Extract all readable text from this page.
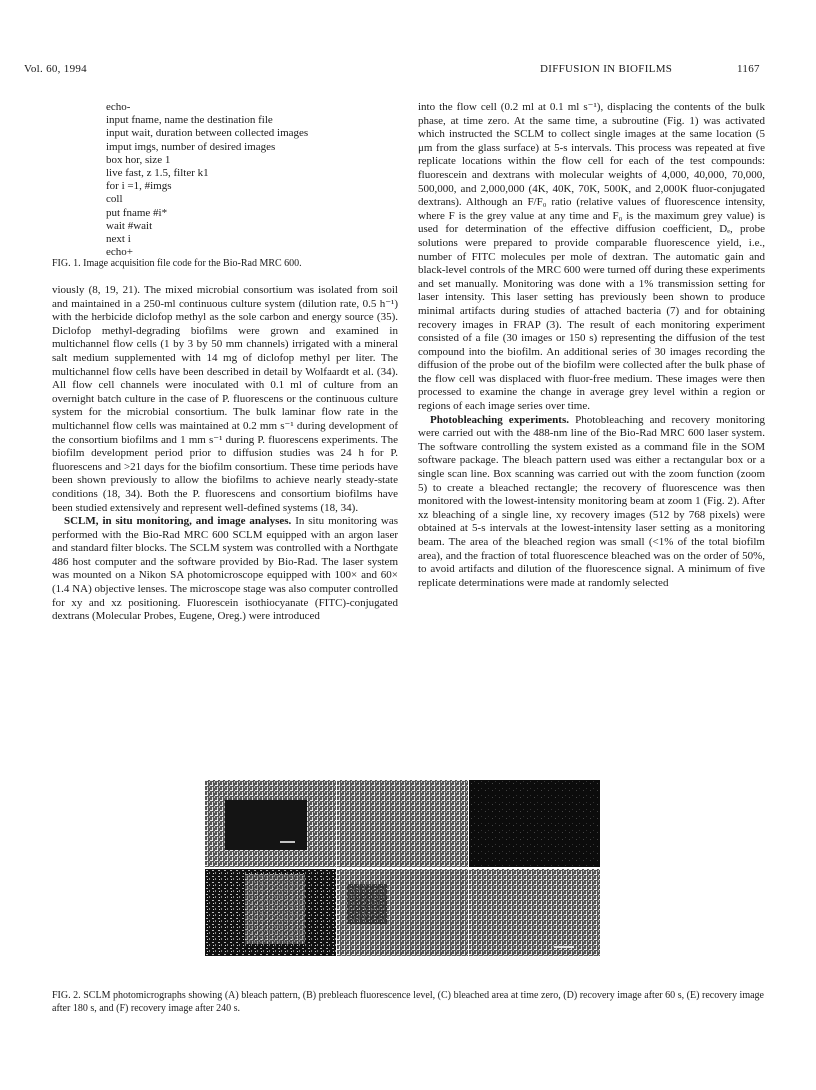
Vol. 60, 1994	DIFFUSION IN BIOFILMS	1167
echo-
input fname, name the destination file
input wait, duration between collected images
imput imgs, number of desired images
box hor, size 1
live fast, z 1.5, filter k1
for i =1, #imgs
coll
put fname #i*
wait #wait
next i
echo+
FIG. 1. Image acquisition file code for the Bio-Rad MRC 600.

viously (8, 19, 21). The mixed microbial consortium was isolated from soil and maintained in a 250-ml continuous culture system (dilution rate, 0.5 h⁻¹) with the herbicide diclofop methyl as the sole carbon and energy source (35). Diclofop methyl-degrading biofilms were grown and examined in multichannel flow cells (1 by 3 by 50 mm channels) irrigated with a mineral salt medium supplemented with 14 mg of diclofop methyl per liter. The multichannel flow cells have been described in detail by Wolfaardt et al. (34). All flow cell channels were inoculated with 0.1 ml of culture from an overnight batch culture in the case of P. fluorescens or the continuous culture system for the microbial consortium. The bulk laminar flow rate in the multichannel flow cells was maintained at 0.2 mm s⁻¹ during development of the consortium biofilms and 1 mm s⁻¹ during P. fluorescens experiments. The biofilm development period prior to diffusion studies was 24 h for P. fluorescens and >21 days for the biofilm consortium. These time periods have been shown previously to allow the biofilms to achieve nearly steady-state conditions (18, 34). Both the P. fluorescens and consortium biofilms have been studied extensively and represent well-defined systems (18, 34).

SCLM, in situ monitoring, and image analyses. In situ monitoring was performed with the Bio-Rad MRC 600 SCLM equipped with an argon laser and standard filter blocks. The SCLM system was controlled with a Northgate 486 host computer and the software provided by Bio-Rad. The laser system was mounted on a Nikon SA photomicroscope equipped with 100× and 60× (1.4 NA) objective lenses. The microscope stage was also computer controlled for xy and xz positioning. Fluorescein isothiocyanate (FITC)-conjugated dextrans (Molecular Probes, Eugene, Oreg.) were introduced

into the flow cell (0.2 ml at 0.1 ml s⁻¹), displacing the contents of the bulk phase, at time zero. At the same time, a subroutine (Fig. 1) was activated which instructed the SCLM to collect single images at the same location (5 μm from the glass surface) at 5-s intervals. This process was repeated at five replicate locations within the flow cell for each of the test compounds: fluorescein and dextrans with molecular weights of 4,000, 40,000, 70,000, 500,000, and 2,000,000 (4K, 40K, 70K, 500K, and 2,000K fluor-conjugated dextrans). Although an F/F₀ ratio (relative values of fluorescence intensity, where F is the grey value at any time and F₀ is the maximum grey value) is used for determination of the effective diffusion coefficient, Dₑ, probe solutions were prepared to provide comparable fluorescence yield, i.e., number of FITC molecules per mole of dextran. The automatic gain and black-level controls of the MRC 600 were turned off during these experiments and set manually. Monitoring was done with a 1% transmission setting for laser intensity. This laser setting has previously been shown to produce minimal artifacts during studies of attached bacteria (7) and for obtaining recovery images in FRAP (3). The result of each monitoring experiment consisted of a file (30 images or 150 s) representing the diffusion of the test compound into the biofilm. An additional series of 30 images recording the diffusion of the probe out of the biofilm were collected after the bulk phase of the flow cell was displaced with fluor-free medium. These images were then processed to examine the change in average grey level within a region or regions of each image series over time.

Photobleaching experiments. Photobleaching and recovery monitoring were carried out with the 488-nm line of the Bio-Rad MRC 600 laser system. The software controlling the system existed as a command file in the SOM software package. The bleach pattern used was either a rectangular box or a single scan line. Box scanning was carried out with the zoom function (zoom 5) to create a bleached rectangle; the recovery of fluorescence was then monitored with the lowest-intensity monitoring beam at zoom 1 (Fig. 2). After xz bleaching of a single line, xy recovery images (512 by 768 pixels) were obtained at 5-s intervals at the lowest-intensity laser setting as a monitoring beam. The area of the bleached region was small (<1% of the total biofilm area), and the fraction of total fluorescence bleached was on the order of 50%, to avoid artifacts and dilution of the fluorescence signal. A minimum of five replicate determinations were made at randomly selected

FIG. 2. SCLM photomicrographs showing (A) bleach pattern, (B) prebleach fluorescence level, (C) bleached area at time zero, (D) recovery image after 60 s, (E) recovery image after 180 s, and (F) recovery image after 240 s.
